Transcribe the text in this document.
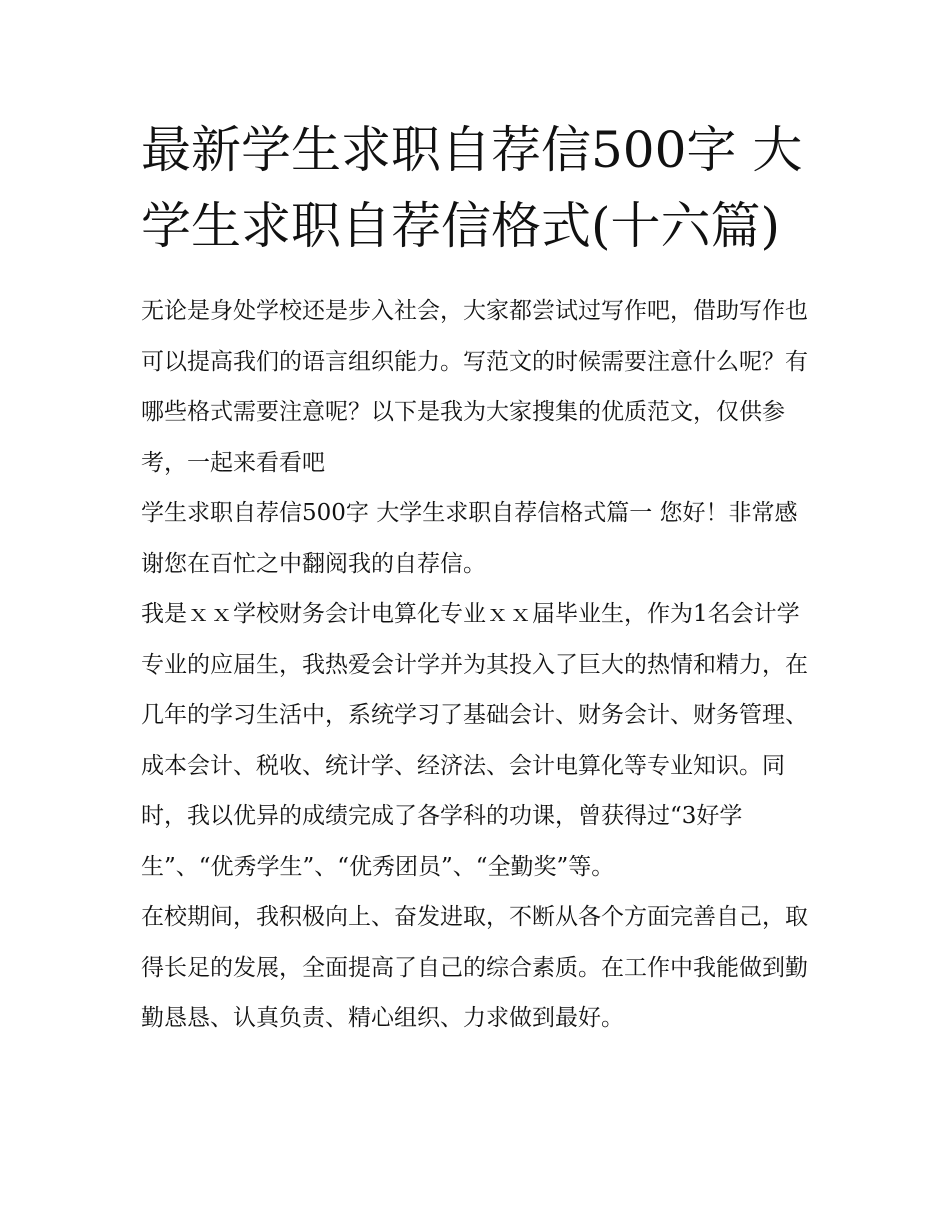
最新学生求职自荐信500字 大学生求职自荐信格式(十六篇)

无论是身处学校还是步入社会，大家都尝试过写作吧，借助写作也可以提高我们的语言组织能力。写范文的时候需要注意什么呢？有哪些格式需要注意呢？以下是我为大家搜集的优质范文，仅供参考，一起来看看吧

学生求职自荐信500字 大学生求职自荐信格式篇一 您好！非常感谢您在百忙之中翻阅我的自荐信。

我是ｘｘ学校财务会计电算化专业ｘｘ届毕业生，作为1名会计学专业的应届生，我热爱会计学并为其投入了巨大的热情和精力，在几年的学习生活中，系统学习了基础会计、财务会计、财务管理、成本会计、税收、统计学、经济法、会计电算化等专业知识。同时，我以优异的成绩完成了各学科的功课，曾获得过“3好学生”、“优秀学生”、“优秀团员”、“全勤奖”等。

在校期间，我积极向上、奋发进取，不断从各个方面完善自己，取得长足的发展，全面提高了自己的综合素质。在工作中我能做到勤勤恳恳、认真负责、精心组织、力求做到最好。
